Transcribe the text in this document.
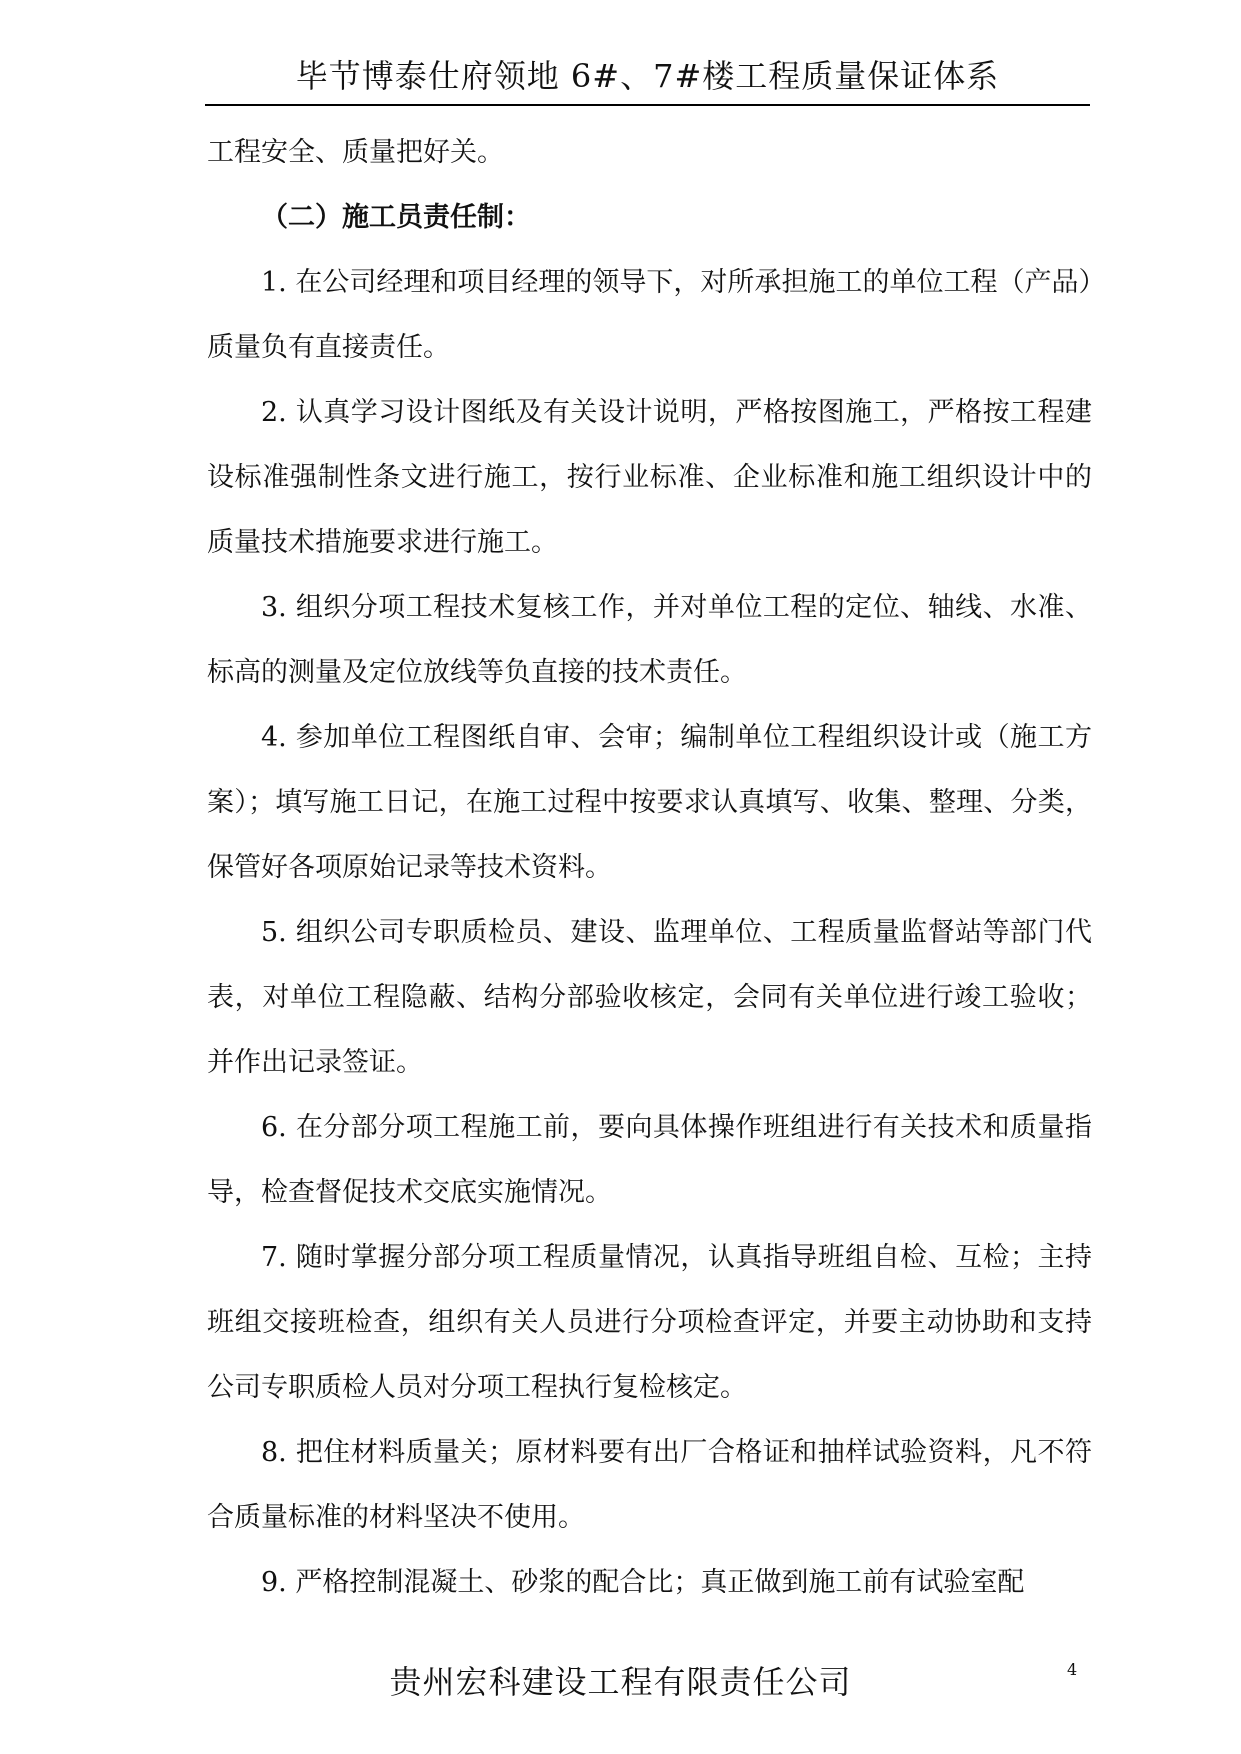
毕节博泰仕府领地 6#、7#楼工程质量保证体系

工程安全、质量把好关。

（二）施工员责任制：

1. 在公司经理和项目经理的领导下，对所承担施工的单位工程（产品）质量负有直接责任。

2. 认真学习设计图纸及有关设计说明，严格按图施工，严格按工程建设标准强制性条文进行施工，按行业标准、企业标准和施工组织设计中的质量技术措施要求进行施工。

3. 组织分项工程技术复核工作，并对单位工程的定位、轴线、水准、标高的测量及定位放线等负直接的技术责任。

4. 参加单位工程图纸自审、会审；编制单位工程组织设计或（施工方案）；填写施工日记，在施工过程中按要求认真填写、收集、整理、分类，保管好各项原始记录等技术资料。

5. 组织公司专职质检员、建设、监理单位、工程质量监督站等部门代表，对单位工程隐蔽、结构分部验收核定，会同有关单位进行竣工验收；并作出记录签证。

6. 在分部分项工程施工前，要向具体操作班组进行有关技术和质量指导，检查督促技术交底实施情况。

7. 随时掌握分部分项工程质量情况，认真指导班组自检、互检；主持班组交接班检查，组织有关人员进行分项检查评定，并要主动协助和支持公司专职质检人员对分项工程执行复检核定。

8. 把住材料质量关；原材料要有出厂合格证和抽样试验资料，凡不符合质量标准的材料坚决不使用。

9. 严格控制混凝土、砂浆的配合比；真正做到施工前有试验室配

贵州宏科建设工程有限责任公司	4
